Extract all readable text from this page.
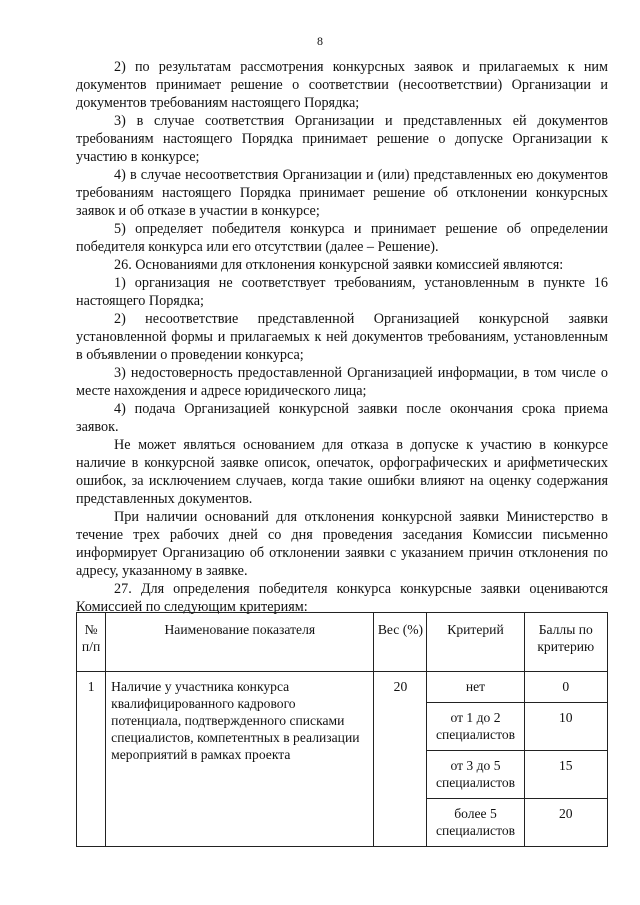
8

2) по результатам рассмотрения конкурсных заявок и прилагаемых к ним документов принимает решение о соответствии (несоответствии) Организации и документов требованиям настоящего Порядка;

3) в случае соответствия Организации и представленных ей документов требованиям настоящего Порядка принимает решение о допуске Организации к участию в конкурсе;

4) в случае несоответствия Организации и (или) представленных ею документов требованиям настоящего Порядка принимает решение об отклонении конкурсных заявок и об отказе в участии в конкурсе;

5) определяет победителя конкурса и принимает решение об определении победителя конкурса или его отсутствии (далее – Решение).

26. Основаниями для отклонения конкурсной заявки комиссией являются:

1) организация не соответствует требованиям, установленным в пункте 16 настоящего Порядка;

2) несоответствие представленной Организацией конкурсной заявки установленной формы и прилагаемых к ней документов требованиям, установленным в объявлении о проведении конкурса;

3) недостоверность предоставленной Организацией информации, в том числе о месте нахождения и адресе юридического лица;

4) подача Организацией конкурсной заявки после окончания срока приема заявок.

Не может являться основанием для отказа в допуске к участию в конкурсе наличие в конкурсной заявке описок, опечаток, орфографических и арифметических ошибок, за исключением случаев, когда такие ошибки влияют на оценку содержания представленных документов.

При наличии оснований для отклонения конкурсной заявки Министерство в течение трех рабочих дней со дня проведения заседания Комиссии письменно информирует Организацию об отклонении заявки с указанием причин отклонения по адресу, указанному в заявке.

27. Для определения победителя конкурса конкурсные заявки оцениваются Комиссией по следующим критериям:

№ п/п	Наименование показателя	Вес (%)	Критерий	Баллы по критерию
1	Наличие у участника конкурса квалифицированного кадрового потенциала, подтвержденного списками специалистов, компетентных в реализации мероприятий в рамках проекта	20	нет	0
			от 1 до 2 специалистов	10
			от 3 до 5 специалистов	15
			более 5 специалистов	20
